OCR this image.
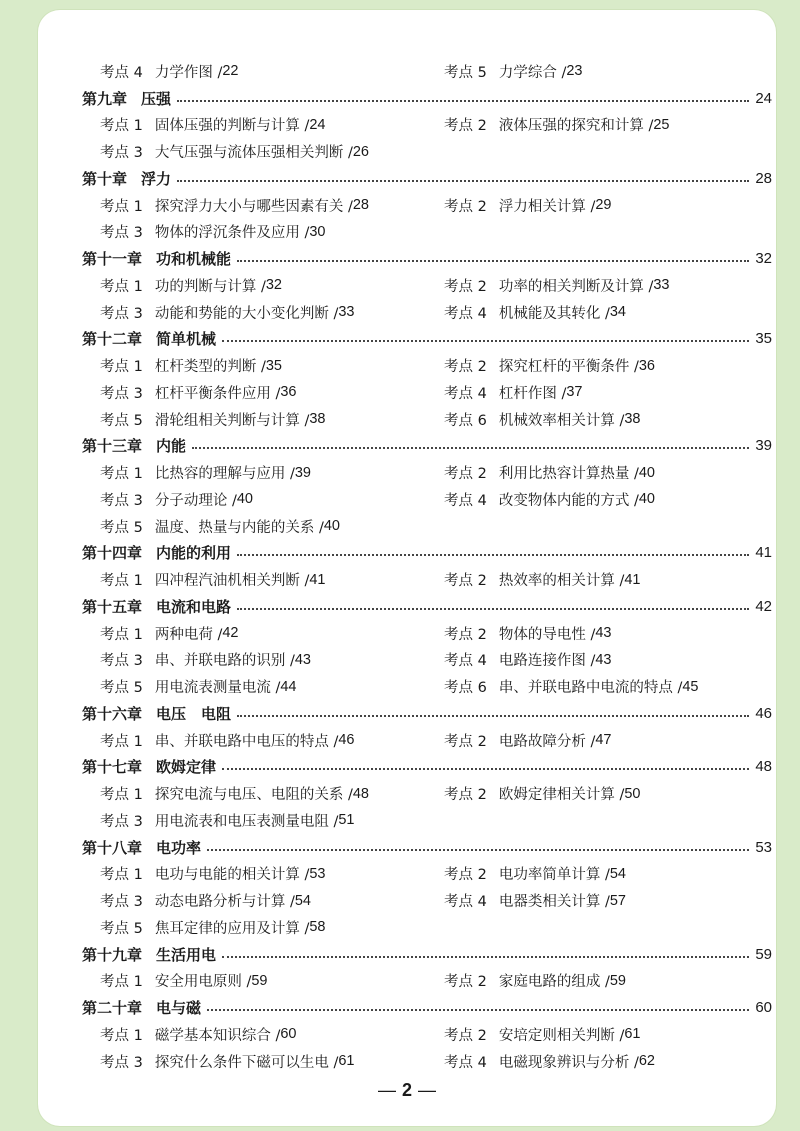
考点 4 力学作图 / 22	考点 5 力学综合 / 23
第九章 压强	24
考点 1 固体压强的判断与计算 / 24	考点 2 液体压强的探究和计算 / 25
考点 3 大气压强与流体压强相关判断 / 26
第十章 浮力	28
考点 1 探究浮力大小与哪些因素有关 / 28	考点 2 浮力相关计算 / 29
考点 3 物体的浮沉条件及应用 / 30
第十一章 功和机械能	32
考点 1 功的判断与计算 / 32	考点 2 功率的相关判断及计算 / 33
考点 3 动能和势能的大小变化判断 / 33	考点 4 机械能及其转化 / 34
第十二章 简单机械	35
考点 1 杠杆类型的判断 / 35	考点 2 探究杠杆的平衡条件 / 36
考点 3 杠杆平衡条件应用 / 36	考点 4 杠杆作图 / 37
考点 5 滑轮组相关判断与计算 / 38	考点 6 机械效率相关计算 / 38
第十三章 内能	39
考点 1 比热容的理解与应用 / 39	考点 2 利用比热容计算热量 / 40
考点 3 分子动理论 / 40	考点 4 改变物体内能的方式 / 40
考点 5 温度、热量与内能的关系 / 40
第十四章 内能的利用	41
考点 1 四冲程汽油机相关判断 / 41	考点 2 热效率的相关计算 / 41
第十五章 电流和电路	42
考点 1 两种电荷 / 42	考点 2 物体的导电性 / 43
考点 3 串、并联电路的识别 / 43	考点 4 电路连接作图 / 43
考点 5 用电流表测量电流 / 44	考点 6 串、并联电路中电流的特点 / 45
第十六章 电压　电阻	46
考点 1 串、并联电路中电压的特点 / 46	考点 2 电路故障分析 / 47
第十七章 欧姆定律	48
考点 1 探究电流与电压、电阻的关系 / 48	考点 2 欧姆定律相关计算 / 50
考点 3 用电流表和电压表测量电阻 / 51
第十八章 电功率	53
考点 1 电功与电能的相关计算 / 53	考点 2 电功率简单计算 / 54
考点 3 动态电路分析与计算 / 54	考点 4 电器类相关计算 / 57
考点 5 焦耳定律的应用及计算 / 58
第十九章 生活用电	59
考点 1 安全用电原则 / 59	考点 2 家庭电路的组成 / 59
第二十章 电与磁	60
考点 1 磁学基本知识综合 / 60	考点 2 安培定则相关判断 / 61
考点 3 探究什么条件下磁可以生电 / 61	考点 4 电磁现象辨识与分析 / 62
— 2 —
